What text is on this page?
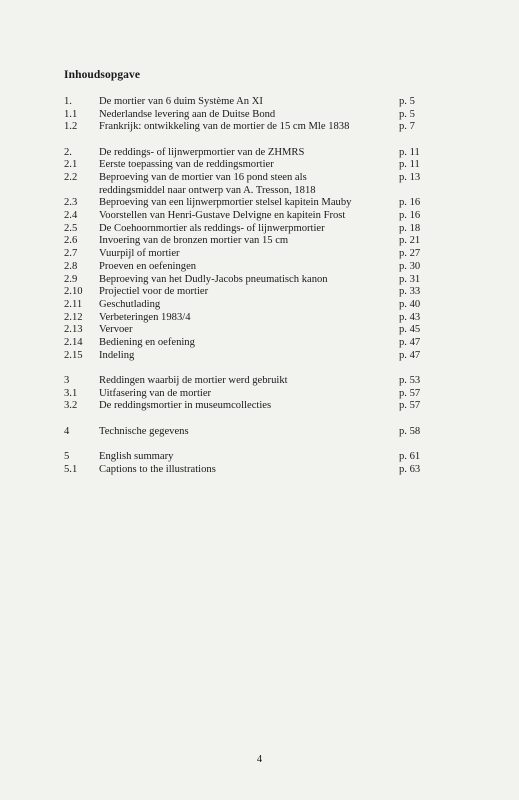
Inhoudsopgave
1.	De mortier van 6 duim Système An XI	p. 5
1.1 Nederlandse levering aan de Duitse Bond	p. 5
1.2 Frankrijk: ontwikkeling van de mortier de 15 cm Mle 1838	p. 7
2.	De reddings- of lijnwerpmortier van de ZHMRS	p. 11
2.1 Eerste toepassing van de reddingsmortier	p. 11
2.2 Beproeving van de mortier van 16 pond steen als	p. 13
reddingsmiddel naar ontwerp van A. Tresson, 1818
2.3 Beproeving van een lijnwerpmortier stelsel kapitein Mauby	p. 16
2.4 Voorstellen van Henri-Gustave Delvigne en kapitein Frost	p. 16
2.5 De Coehoornmortier als reddings- of lijnwerpmortier	p. 18
2.6 Invoering van de bronzen mortier van 15 cm	p. 21
2.7 Vuurpijl of mortier	p. 27
2.8 Proeven en oefeningen	p. 30
2.9 Beproeving van het Dudly-Jacobs pneumatisch kanon	p. 31
2.10 Projectiel voor de mortier	p. 33
2.11 Geschutlading	p. 40
2.12 Verbeteringen 1983/4	p. 43
2.13 Vervoer	p. 45
2.14 Bediening en oefening	p. 47
2.15 Indeling	p. 47
3	Reddingen waarbij de mortier werd gebruikt	p. 53
3.1 Uitfasering van de mortier	p. 57
3.2 De reddingsmortier in museumcollecties	p. 57
4	Technische gegevens	p. 58
5	English summary	p. 61
5.1 Captions to the illustrations	p. 63
4
